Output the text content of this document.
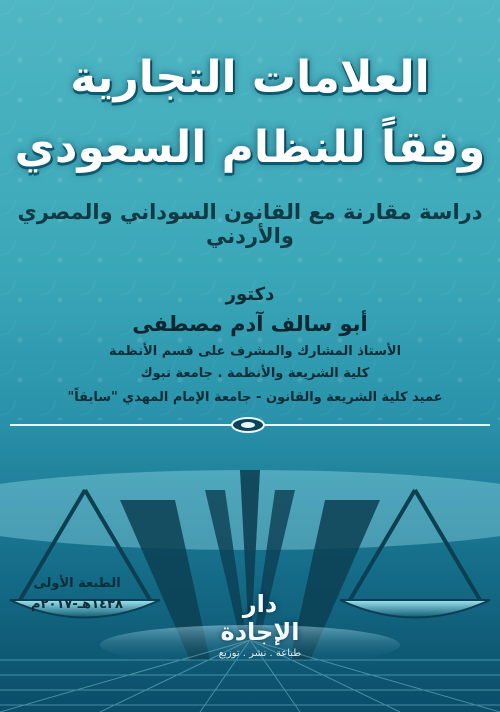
العلامات التجارية
وفقاً للنظام السعودي
دراسة مقارنة مع القانون السوداني والمصري والأردني
دكتور
أبو سالف آدم مصطفى
الأستاذ المشارك والمشرف على قسم الأنظمة
كلية الشريعة والأنظمة . جامعة تبوك
عميد كلية الشريعة والقانون - جامعة الإمام المهدي "سابقاً"
الطبعة الأولى
١٤٣٨هـ-٢٠١٧م	دار الإجادة
طباعة . نشر . توزيع
